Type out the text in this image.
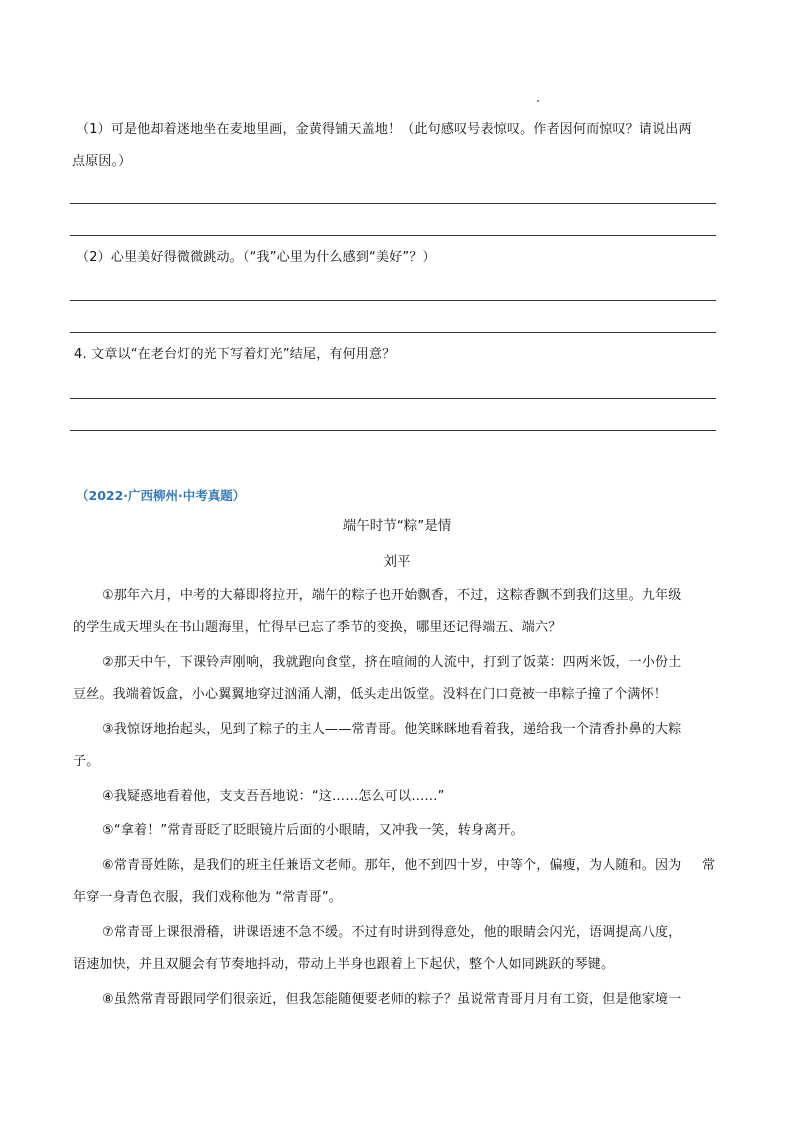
（1）可是他却着迷地坐在麦地里画，金黄得铺天盖地！（此句感叹号表惊叹。作者因何而惊叹？请说出两
点原因。）
（2）心里美好得微微跳动。（“我”心里为什么感到“美好”？）
4. 文章以“在老台灯的光下写着灯光”结尾，有何用意？
（2022·广西柳州·中考真题）
端午时节“粽”是情
刘平
①那年六月，中考的大幕即将拉开，端午的粽子也开始飘香，不过，这粽香飘不到我们这里。九年级
的学生成天埋头在书山题海里，忙得早已忘了季节的变换，哪里还记得端五、端六？
②那天中午，下课铃声刚响，我就跑向食堂，挤在喧闹的人流中，打到了饭菜：四两米饭，一小份土
豆丝。我端着饭盒，小心翼翼地穿过汹涌人潮，低头走出饭堂。没料在门口竟被一串粽子撞了个满怀！
③我惊讶地抬起头，见到了粽子的主人——常青哥。他笑眯眯地看着我，递给我一个清香扑鼻的大粽
子。
④我疑惑地看着他，支支吾吾地说：“这……怎么可以……”
⑤“拿着！”常青哥眨了眨眼镜片后面的小眼睛，又冲我一笑，转身离开。
⑥常青哥姓陈，是我们的班主任兼语文老师。那年，他不到四十岁，中等个，偏瘦，为人随和。因为 常
年穿一身青色衣服，我们戏称他为 “常青哥”。
⑦常青哥上课很滑稽，讲课语速不急不缓。不过有时讲到得意处，他的眼睛会闪光，语调提高八度，
语速加快，并且双腿会有节奏地抖动，带动上半身也跟着上下起伏，整个人如同跳跃的琴键。
⑧虽然常青哥跟同学们很亲近，但我怎能随便要老师的粽子？虽说常青哥月月有工资，但是他家境一
